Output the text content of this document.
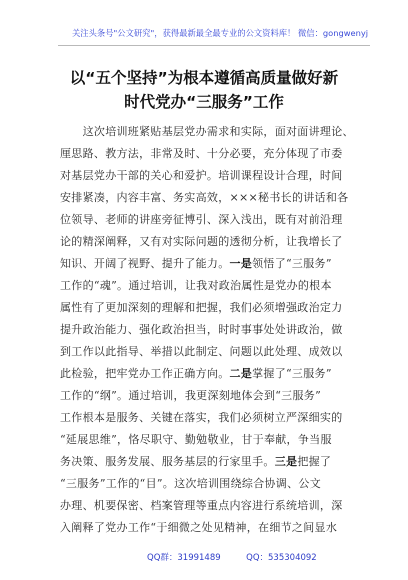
关注头条号"公文研究"，获得最新最全最专业的公文资料库！ 微信：gongwenyj
以“五个坚持”为根本遵循高质量做好新
时代党办“三服务”工作
　　这次培训班紧贴基层党办需求和实际，面对面讲理论、
厘思路、教方法，非常及时、十分必要，充分体现了市委
对基层党办干部的关心和爱护。培训课程设计合理，时间
安排紧凑，内容丰富、务实高效，×××秘书长的讲话和各
位领导、老师的讲座旁征博引、深入浅出，既有对前沿理
论的精深阐释，又有对实际问题的透彻分析，让我增长了
知识、开阔了视野、提升了能力。一是领悟了“三服务”
工作的“魂”。通过培训，让我对政治属性是党办的根本
属性有了更加深刻的理解和把握，我们必须增强政治定力
提升政治能力、强化政治担当，时时事事处处讲政治，做
到工作以此指导、举措以此制定、问题以此处理、成效以
此检验，把牢党办工作正确方向。二是掌握了“三服务”
工作的“纲”。通过培训，我更深刻地体会到“三服务”
工作根本是服务、关键在落实，我们必须树立严深细实的
“延展思维”，恪尽职守、勤勉敬业，甘于奉献，争当服
务决策、服务发展、服务基层的行家里手。三是把握了
“三服务”工作的“目”。这次培训围绕综合协调、公文
办理、机要保密、档案管理等重点内容进行系统培训，深
入阐释了党办工作“于细微之处见精神，在细节之间显水
QQ群：31991489　　　QQ：535304092
